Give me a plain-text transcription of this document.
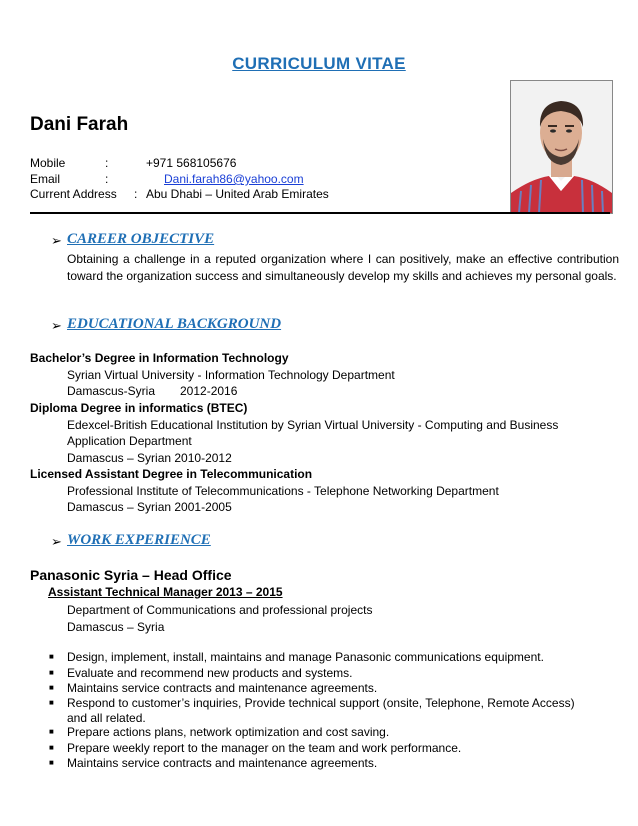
CURRICULUM VITAE
Dani Farah
Mobile	:	+971 568105676
Email	:	Dani.farah86@yahoo.com
Current Address : Abu Dhabi – United Arab Emirates
➢ CAREER OBJECTIVE
Obtaining a challenge in a reputed organization where I can positively, make an effective contribution toward the organization success and simultaneously develop my skills and achieves my personal goals.
➢ EDUCATIONAL BACKGROUND
Bachelor’s Degree in Information Technology
Syrian Virtual University - Information Technology Department
Damascus-Syria 2012-2016
Diploma Degree in informatics (BTEC)
Edexcel-British Educational Institution by Syrian Virtual University - Computing and Business
Application Department
Damascus – Syrian 2010-2012
Licensed Assistant Degree in Telecommunication
Professional Institute of Telecommunications - Telephone Networking Department
Damascus – Syrian 2001-2005
➢ WORK EXPERIENCE
Panasonic Syria – Head Office
Assistant Technical Manager 2013 – 2015
Department of Communications and professional projects
Damascus – Syria
■ Design, implement, install, maintains and manage Panasonic communications equipment.
■ Evaluate and recommend new products and systems.
■ Maintains service contracts and maintenance agreements.
■ Respond to customer’s inquiries, Provide technical support (onsite, Telephone, Remote Access)
and all related.
■ Prepare actions plans, network optimization and cost saving.
■ Prepare weekly report to the manager on the team and work performance.
■ Maintains service contracts and maintenance agreements.
